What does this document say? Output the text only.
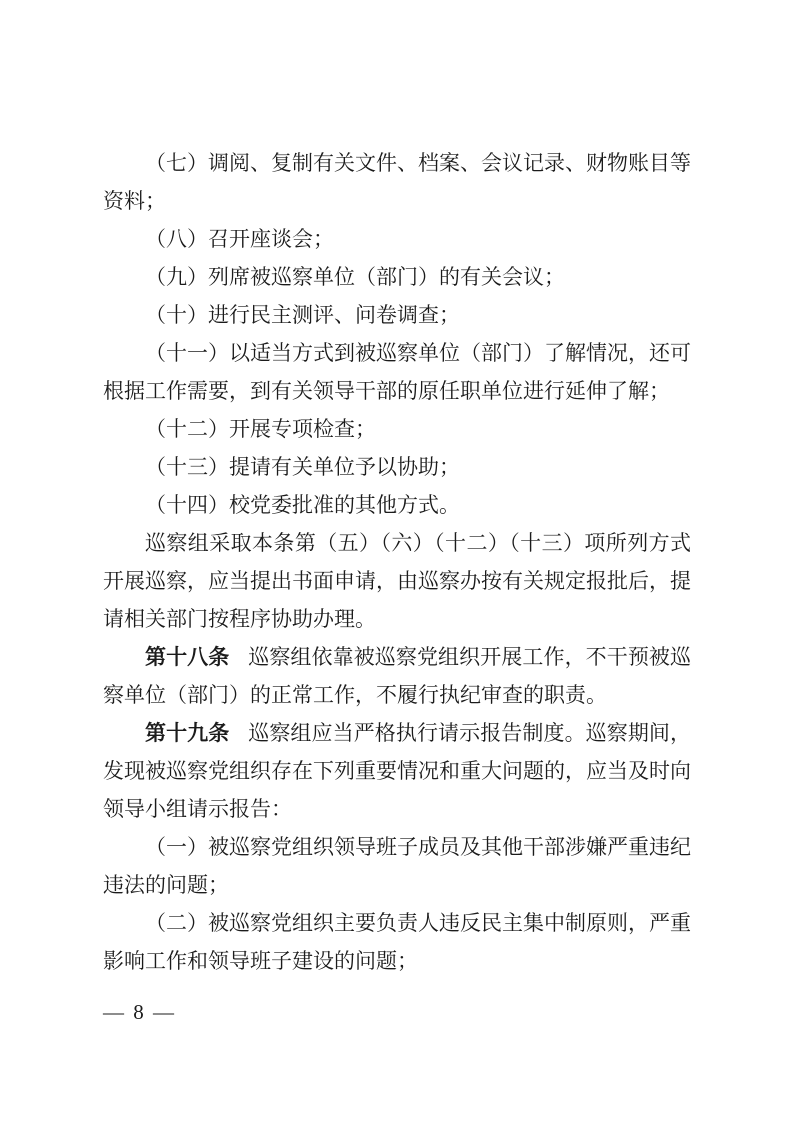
（七）调阅、复制有关文件、档案、会议记录、财物账目等资料；

（八）召开座谈会；

（九）列席被巡察单位（部门）的有关会议；

（十）进行民主测评、问卷调查；

（十一）以适当方式到被巡察单位（部门）了解情况，还可根据工作需要，到有关领导干部的原任职单位进行延伸了解；

（十二）开展专项检查；

（十三）提请有关单位予以协助；

（十四）校党委批准的其他方式。

巡察组采取本条第（五）（六）（十二）（十三）项所列方式开展巡察，应当提出书面申请，由巡察办按有关规定报批后，提请相关部门按程序协助办理。

第十八条 巡察组依靠被巡察党组织开展工作，不干预被巡察单位（部门）的正常工作，不履行执纪审查的职责。

第十九条 巡察组应当严格执行请示报告制度。巡察期间，发现被巡察党组织存在下列重要情况和重大问题的，应当及时向领导小组请示报告：

（一）被巡察党组织领导班子成员及其他干部涉嫌严重违纪违法的问题；

（二）被巡察党组织主要负责人违反民主集中制原则，严重影响工作和领导班子建设的问题；

— 8 —
